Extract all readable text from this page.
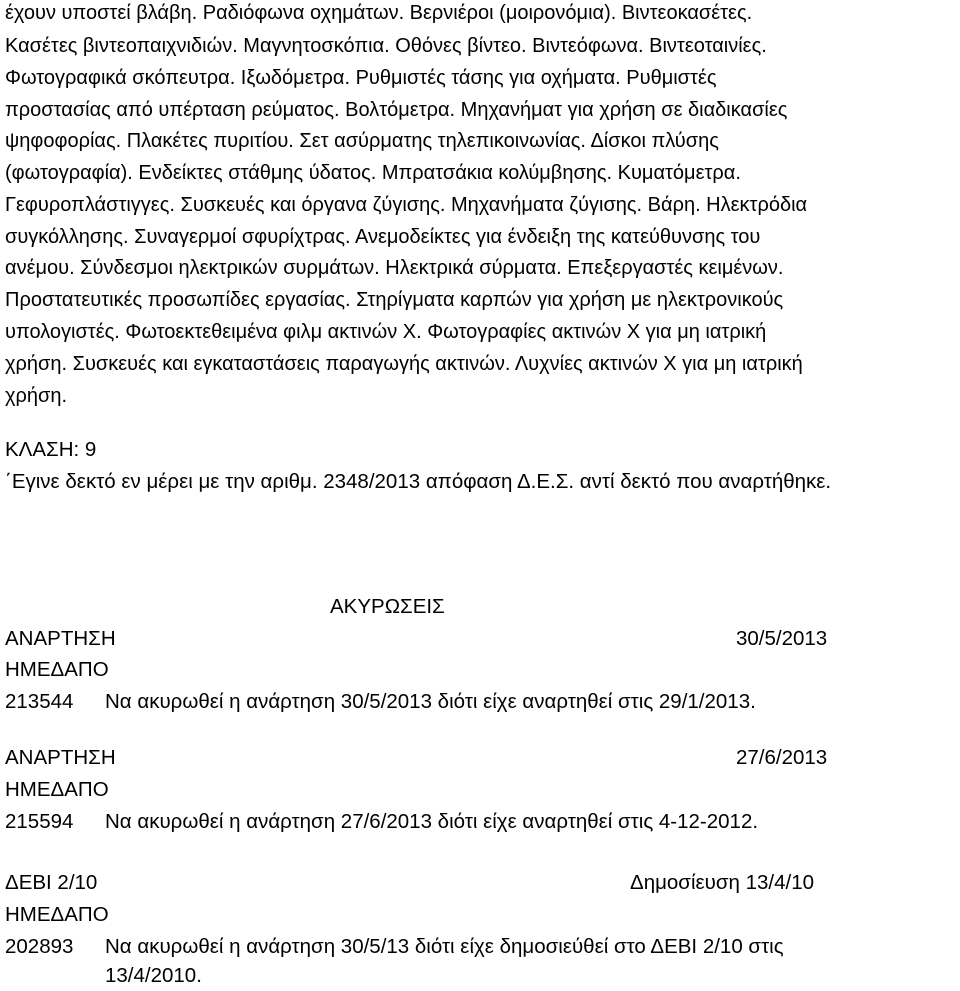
έχουν υποστεί βλάβη. Ραδιόφωνα οχημάτων. Βερνιέροι (μοιρονόμια). Βιντεοκασέτες.
Κασέτες βιντεοπαιχνιδιών. Μαγνητοσκόπια. Οθόνες βίντεο. Βιντεόφωνα. Βιντεοταινίες.
Φωτογραφικά σκόπευτρα. Ιξωδόμετρα. Ρυθμιστές τάσης για οχήματα. Ρυθμιστές
προστασίας από υπέρταση ρεύματος. Βολτόμετρα. Μηχανήματ για χρήση σε διαδικασίες
ψηφοφορίας. Πλακέτες πυριτίου. Σετ ασύρματης τηλεπικοινωνίας. Δίσκοι πλύσης
(φωτογραφία). Ενδείκτες στάθμης ύδατος. Μπρατσάκια κολύμβησης. Κυματόμετρα.
Γεφυροπλάστιγγες. Συσκευές και όργανα ζύγισης. Μηχανήματα ζύγισης. Βάρη. Ηλεκτρόδια
συγκόλλησης. Συναγερμοί σφυρίχτρας. Ανεμοδείκτες για ένδειξη της κατεύθυνσης του
ανέμου. Σύνδεσμοι ηλεκτρικών συρμάτων. Ηλεκτρικά σύρματα. Επεξεργαστές κειμένων.
Προστατευτικές προσωπίδες εργασίας. Στηρίγματα καρπών για χρήση με ηλεκτρονικούς
υπολογιστές. Φωτοεκτεθειμένα φιλμ ακτινών Χ. Φωτογραφίες ακτινών Χ για μη ιατρική
χρήση. Συσκευές και εγκαταστάσεις παραγωγής ακτινών. Λυχνίες ακτινών Χ για μη ιατρική
χρήση.
ΚΛΑΣΗ: 9
΄Εγινε δεκτό εν μέρει με την αριθμ. 2348/2013 απόφαση Δ.Ε.Σ. αντί δεκτό που αναρτήθηκε.
ΑΚΥΡΩΣΕΙΣ
ΑΝΑΡΤΗΣΗ	30/5/2013
ΗΜΕΔΑΠΟ
213544 Να ακυρωθεί η ανάρτηση 30/5/2013 διότι είχε αναρτηθεί στις 29/1/2013.
ΑΝΑΡΤΗΣΗ	27/6/2013
ΗΜΕΔΑΠΟ
215594 Να ακυρωθεί η ανάρτηση 27/6/2013 διότι είχε αναρτηθεί στις 4-12-2012.
ΔΕΒΙ 2/10	Δημοσίευση 13/4/10
ΗΜΕΔΑΠΟ
202893 Να ακυρωθεί η ανάρτηση 30/5/13 διότι είχε δημοσιεύθεί στο ΔΕΒΙ 2/10 στις
13/4/2010.
